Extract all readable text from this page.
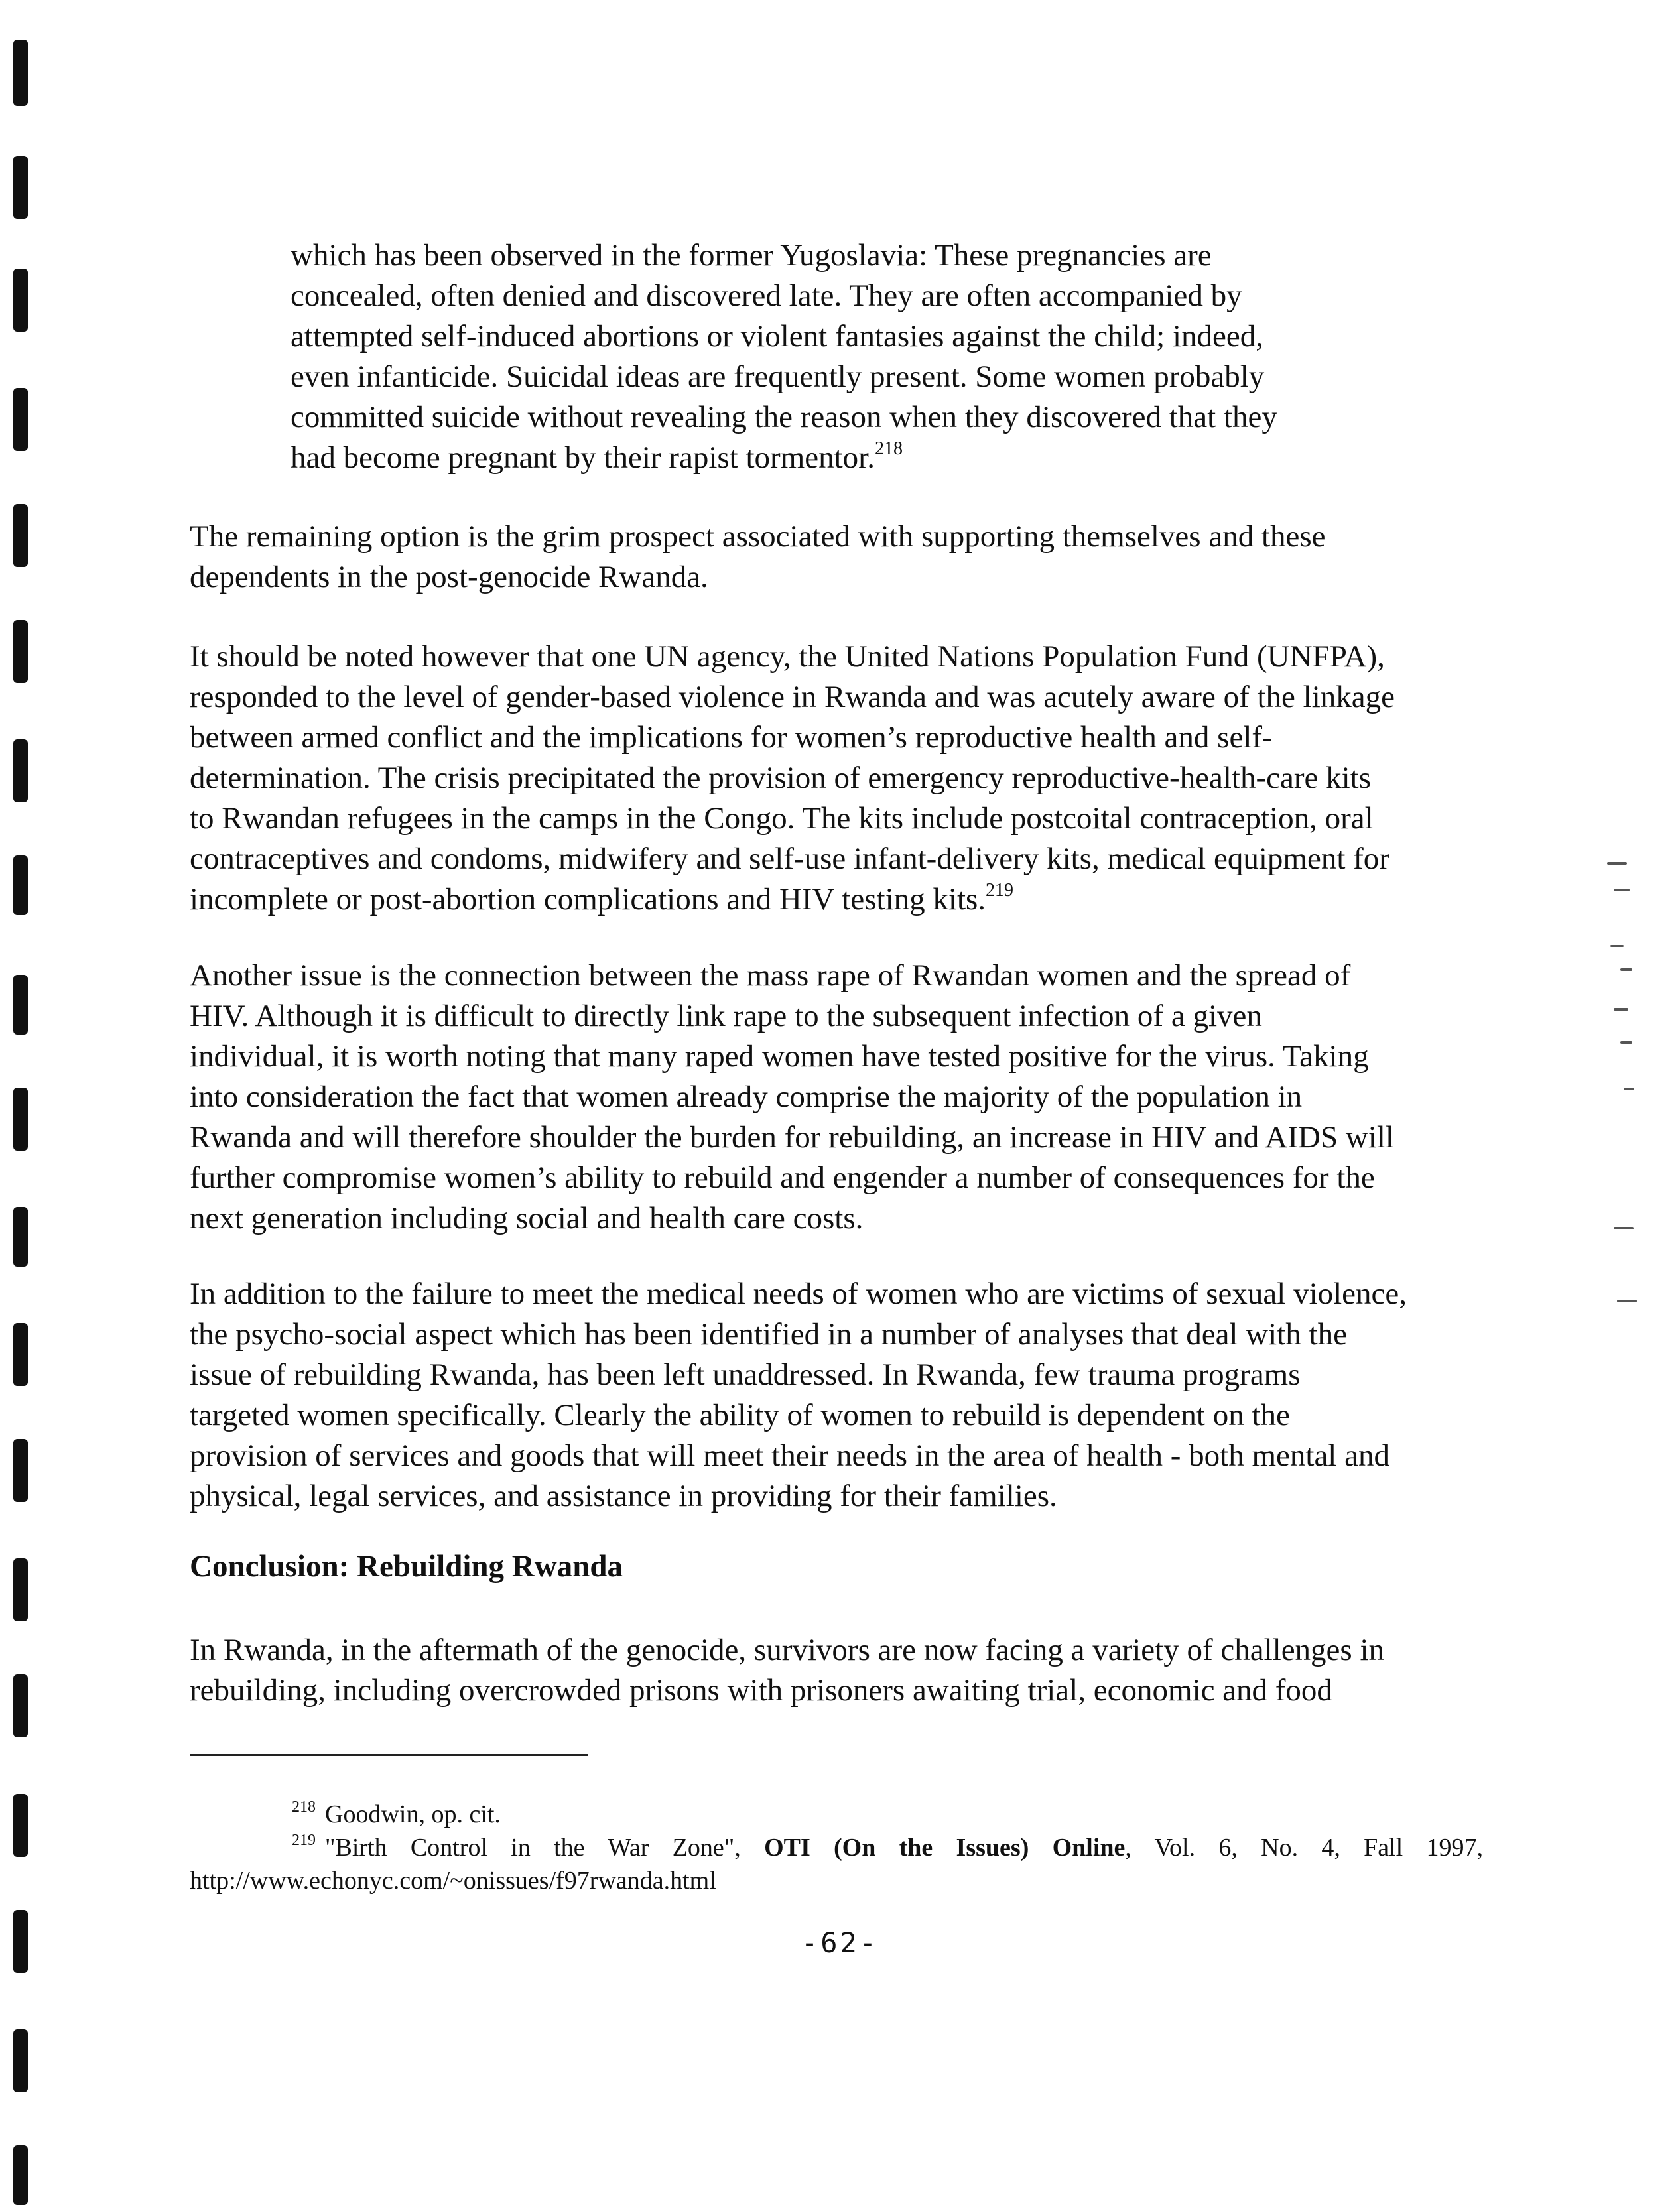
which has been observed in the former Yugoslavia: These pregnancies are
concealed, often denied and discovered late. They are often accompanied by
attempted self-induced abortions or violent fantasies against the child; indeed,
even infanticide. Suicidal ideas are frequently present. Some women probably
committed suicide without revealing the reason when they discovered that they
had become pregnant by their rapist tormentor.$^{218}$

The remaining option is the grim prospect associated with supporting themselves and these
dependents in the post-genocide Rwanda.

It should be noted however that one UN agency, the United Nations Population Fund (UNFPA),
responded to the level of gender-based violence in Rwanda and was acutely aware of the linkage
between armed conflict and the implications for women’s reproductive health and self-
determination. The crisis precipitated the provision of emergency reproductive-health-care kits
to Rwandan refugees in the camps in the Congo. The kits include postcoital contraception, oral
contraceptives and condoms, midwifery and self-use infant-delivery kits, medical equipment for
incomplete or post-abortion complications and HIV testing kits.$^{219}$

Another issue is the connection between the mass rape of Rwandan women and the spread of
HIV. Although it is difficult to directly link rape to the subsequent infection of a given
individual, it is worth noting that many raped women have tested positive for the virus. Taking
into consideration the fact that women already comprise the majority of the population in
Rwanda and will therefore shoulder the burden for rebuilding, an increase in HIV and AIDS will
further compromise women’s ability to rebuild and engender a number of consequences for the
next generation including social and health care costs.

In addition to the failure to meet the medical needs of women who are victims of sexual violence,
the psycho-social aspect which has been identified in a number of analyses that deal with the
issue of rebuilding Rwanda, has been left unaddressed. In Rwanda, few trauma programs
targeted women specifically. Clearly the ability of women to rebuild is dependent on the
provision of services and goods that will meet their needs in the area of health - both mental and
physical, legal services, and assistance in providing for their families.

Conclusion: Rebuilding Rwanda

In Rwanda, in the aftermath of the genocide, survivors are now facing a variety of challenges in
rebuilding, including overcrowded prisons with prisoners awaiting trial, economic and food

$^{218}$ Goodwin, op. cit.

$^{219}$ "Birth Control in the War Zone", OTI (On the Issues) Online, Vol. 6, No. 4, Fall 1997,
http://www.echonyc.com/~onissues/f97rwanda.html

-62-
